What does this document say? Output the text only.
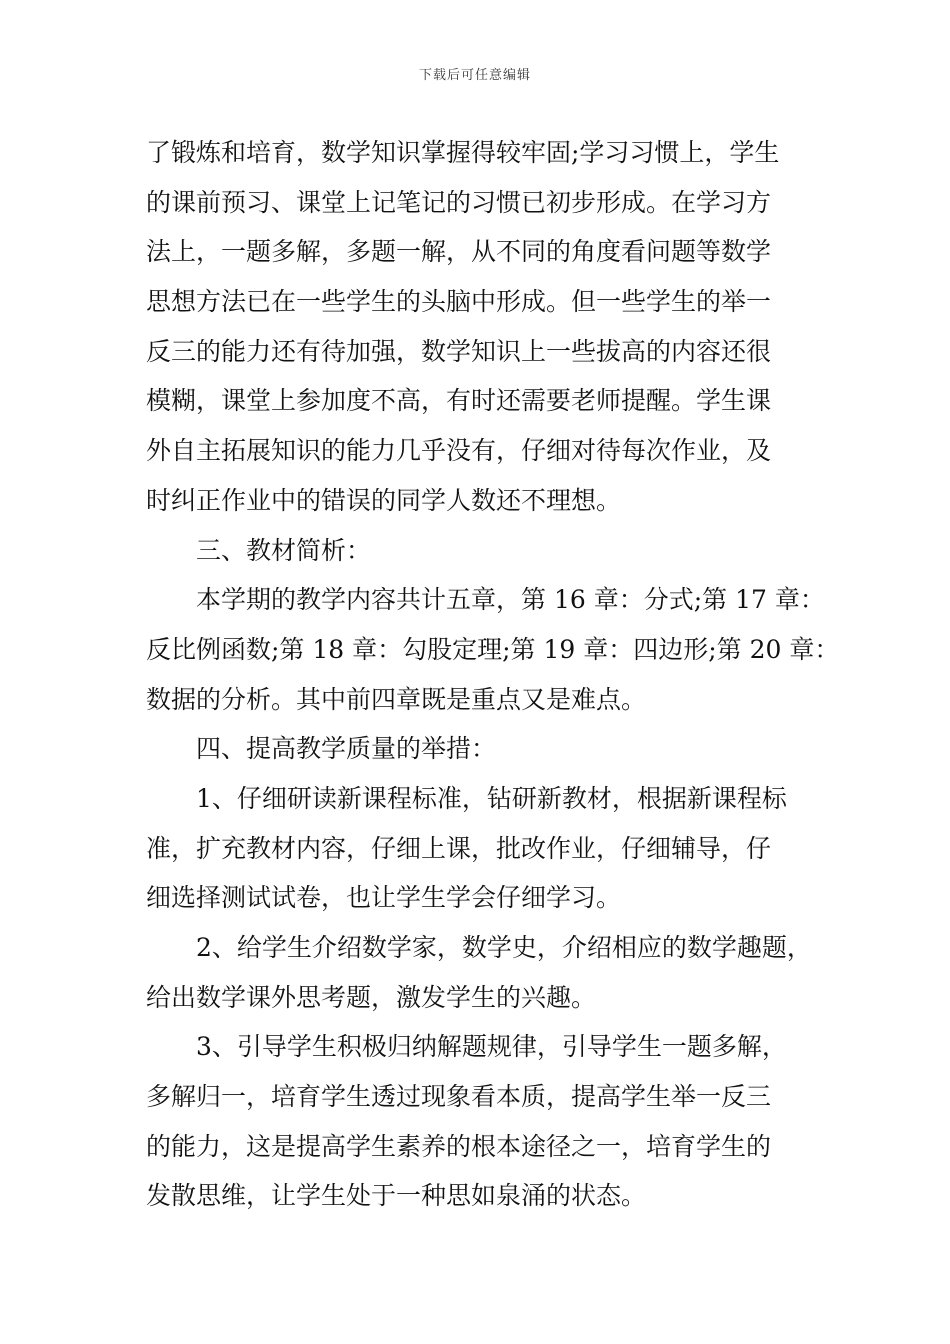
下载后可任意编辑
了锻炼和培育，数学知识掌握得较牢固;学习习惯上，学生
的课前预习、课堂上记笔记的习惯已初步形成。在学习方
法上，一题多解，多题一解，从不同的角度看问题等数学
思想方法已在一些学生的头脑中形成。但一些学生的举一
反三的能力还有待加强，数学知识上一些拔高的内容还很
模糊，课堂上参加度不高，有时还需要老师提醒。学生课
外自主拓展知识的能力几乎没有，仔细对待每次作业，及
时纠正作业中的错误的同学人数还不理想。
三、教材简析：
本学期的教学内容共计五章，第 16 章：分式;第 17 章：
反比例函数;第 18 章：勾股定理;第 19 章：四边形;第 20 章：
数据的分析。其中前四章既是重点又是难点。
四、提高教学质量的举措：
1、仔细研读新课程标准，钻研新教材，根据新课程标
准，扩充教材内容，仔细上课，批改作业，仔细辅导，仔
细选择测试试卷，也让学生学会仔细学习。
2、给学生介绍数学家，数学史，介绍相应的数学趣题，
给出数学课外思考题，激发学生的兴趣。
3、引导学生积极归纳解题规律，引导学生一题多解，
多解归一，培育学生透过现象看本质，提高学生举一反三
的能力，这是提高学生素养的根本途径之一，培育学生的
发散思维，让学生处于一种思如泉涌的状态。
